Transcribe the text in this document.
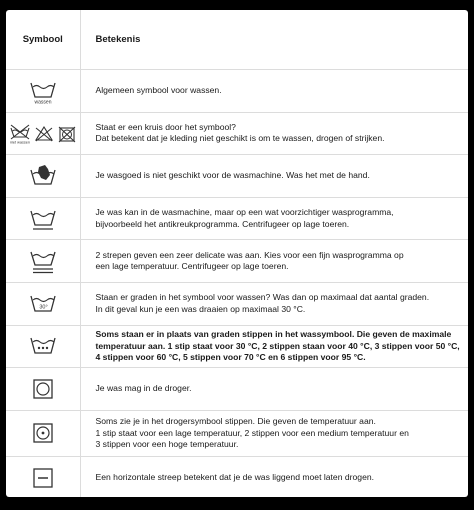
Symbool	Betekenis

wassen	Algemeen symbool voor wassen.

niet wassen	Staat er een kruis door het symbool?
Dat betekent dat je kleding niet geschikt is om te wassen, drogen of strijken.

	Je wasgoed is niet geschikt voor de wasmachine. Was het met de hand.

	Je was kan in de wasmachine, maar op een wat voorzichtiger wasprogramma,
bijvoorbeeld het antikreukprogramma. Centrifugeer op lage toeren.

	2 strepen geven een zeer delicate was aan. Kies voor een fijn wasprogramma op
een lage temperatuur. Centrifugeer op lage toeren.

30°	Staan er graden in het symbool voor wassen? Was dan op maximaal dat aantal graden.
In dit geval kun je een was draaien op maximaal 30 °C.

	Soms staan er in plaats van graden stippen in het wassymbool. Die geven de maximale
temperatuur aan. 1 stip staat voor 30 °C, 2 stippen staan voor 40 °C, 3 stippen voor 50 °C,
4 stippen voor 60 °C, 5 stippen voor 70 °C en 6 stippen voor 95 °C.

	Je was mag in de droger.

	Soms zie je in het drogersymbool stippen. Die geven de temperatuur aan.
1 stip staat voor een lage temperatuur, 2 stippen voor een medium temperatuur en
3 stippen voor een hoge temperatuur.

	Een horizontale streep betekent dat je de was liggend moet laten drogen.
